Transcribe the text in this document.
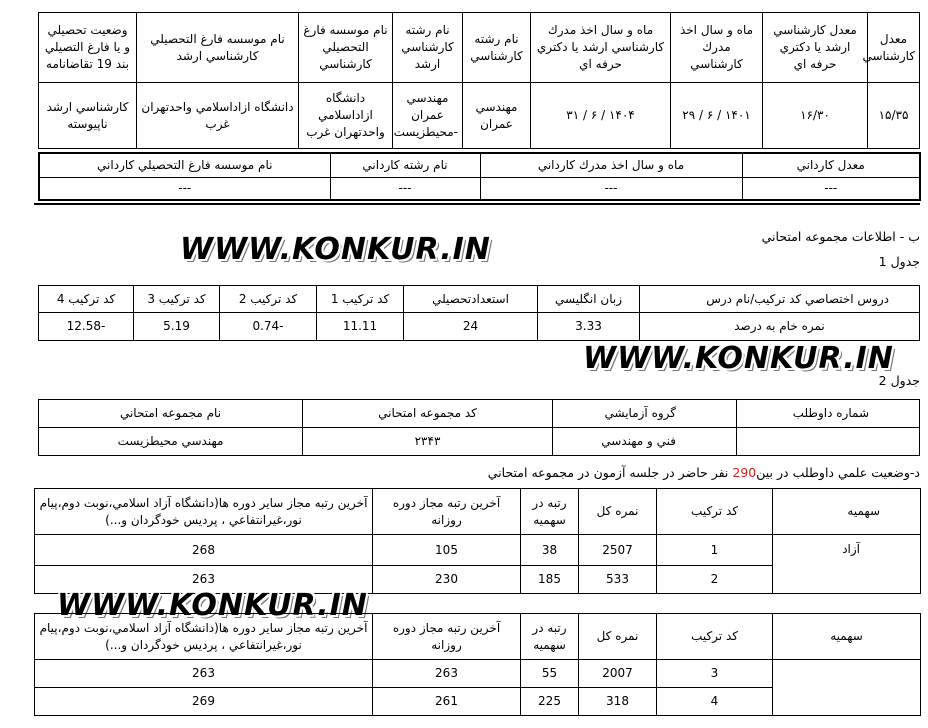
معدل كارشناسي	معدل كارشناسي ارشد يا دكتري حرفه اي	ماه و سال اخذ مدرك كارشناسي	ماه و سال اخذ مدرك كارشناسي ارشد يا دكتري حرفه اي	نام رشته كارشناسي	نام رشته كارشناسي ارشد	نام موسسه فارغ التحصيلي كارشناسي	نام موسسه فارغ التحصيلي كارشناسي ارشد	وضعيت تحصيلي و يا فارغ التصيلي بند 19 تقاضانامه
۱۵/۳۵	۱۶/۳۰	۱۴۰۱ / ۶ / ۲۹	۱۴۰۴ / ۶ / ۳۱	مهندسي عمران	مهندسي عمران -محيطزيست	دانشگاه ازاداسلامي واحدتهران غرب	دانشگاه ازاداسلامي واحدتهران غرب	كارشناسي ارشد ناپيوسته
معدل كارداني	ماه و سال اخذ مدرك كارداني	نام رشته كارداني	نام موسسه فارغ التحصيلي كارداني
---	---	---	---
ب - اطلاعات مجموعه امتحاني
WWW.KONKUR.IN	جدول 1
دروس اختصاصي كد تركيب/نام درس	زبان انگليسي	استعدادتحصيلي	كد تركيب 1	كد تركيب 2	كد تركيب 3	كد تركيب 4
نمره خام به درصد	3.33	24	11.11	-0.74	5.19	-12.58
WWW.KONKUR.IN
جدول 2
شماره داوطلب	گروه آزمايشي	كد مجموعه امتحاني	نام مجموعه امتحاني
	فني و مهندسي	۲۳۴۳	مهندسي محيطزيست
د-وضعيت علمي داوطلب در بين290 نفر حاضر در جلسه آزمون در مجموعه امتحاني
سهميه	كد تركيب	نمره كل	رتبه در سهميه	آخرين رتبه مجاز دوره روزانه	آخرين رتبه مجاز ساير دوره ها(دانشگاه آزاد اسلامي،نوبت دوم،پيام نور،غيرانتفاعي ، پرديس خودگردان و...)
آزاد	1	2507	38	105	268
	2	533	185	230	263
WWW.KONKUR.IN
سهميه	كد تركيب	نمره كل	رتبه در سهميه	آخرين رتبه مجاز دوره روزانه	آخرين رتبه مجاز ساير دوره ها(دانشگاه آزاد اسلامي،نوبت دوم،پيام نور،غيرانتفاعي ، پرديس خودگردان و...)
	3	2007	55	263	263
	4	318	225	261	269
